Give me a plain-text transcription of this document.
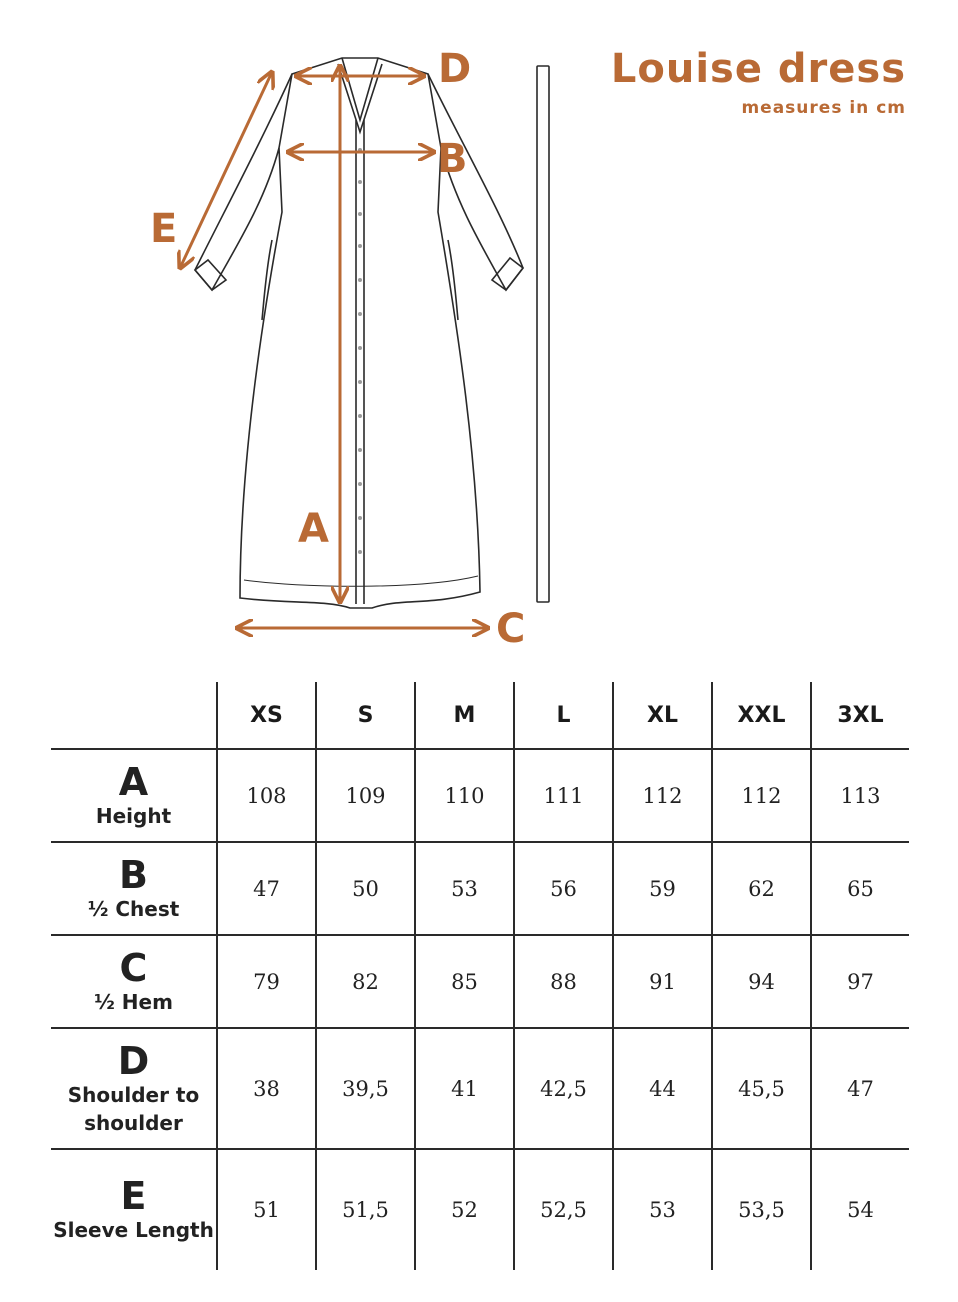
A
B
C
D
E
Louise dress
measures in cm
	XS	S	M	L	XL	XXL	3XL

A
Height	108	109	110	111	112	112	113

B
½ Chest	47	50	53	56	59	62	65

C
½ Hem	79	82	85	88	91	94	97

D
Shoulder to shoulder	38	39,5	41	42,5	44	45,5	47

E
Sleeve Length	51	51,5	52	52,5	53	53,5	54
